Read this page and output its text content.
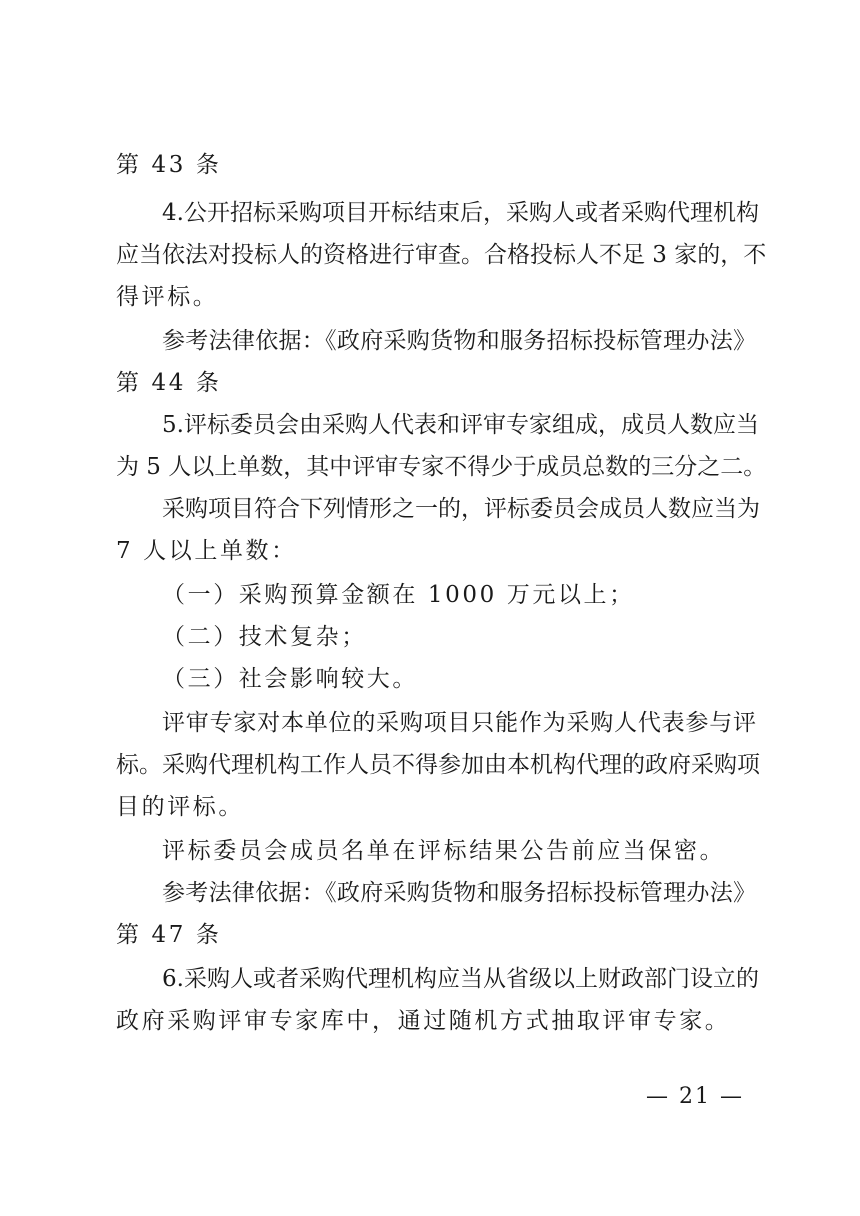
第 43 条
4.公开招标采购项目开标结束后，采购人或者采购代理机构
应当依法对投标人的资格进行审查。合格投标人不足 3 家的，不
得评标。
参考法律依据：《政府采购货物和服务招标投标管理办法》
第 44 条
5.评标委员会由采购人代表和评审专家组成，成员人数应当
为 5 人以上单数，其中评审专家不得少于成员总数的三分之二。
采购项目符合下列情形之一的，评标委员会成员人数应当为
7 人以上单数：
（一）采购预算金额在 1000 万元以上；
（二）技术复杂；
（三）社会影响较大。
评审专家对本单位的采购项目只能作为采购人代表参与评
标。采购代理机构工作人员不得参加由本机构代理的政府采购项
目的评标。
评标委员会成员名单在评标结果公告前应当保密。
参考法律依据：《政府采购货物和服务招标投标管理办法》
第 47 条
6.采购人或者采购代理机构应当从省级以上财政部门设立的
政府采购评审专家库中，通过随机方式抽取评审专家。
— 21 —
